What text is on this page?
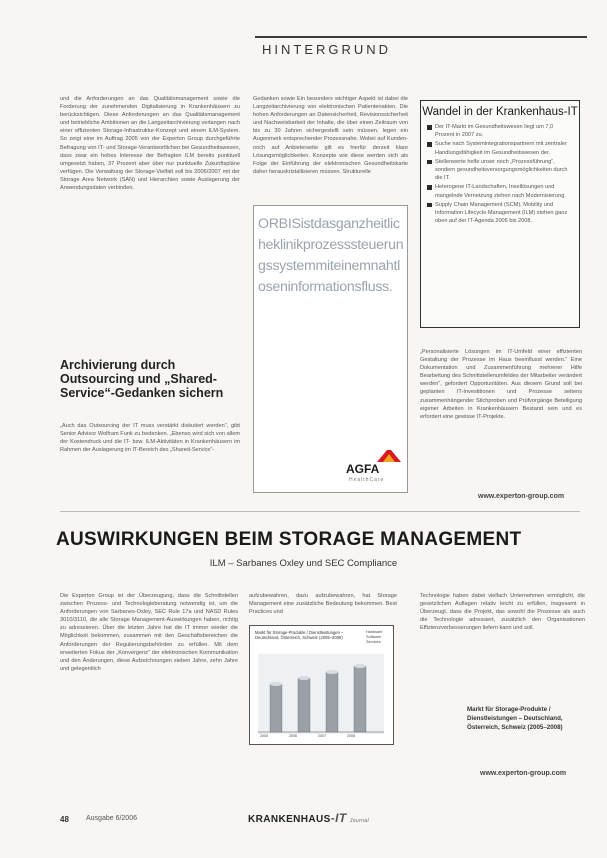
HINTERGRUND

und die Anforderungen an das Qualitätsmanagement sowie die Forderung der zunehmenden Digitalisierung in Krankenhäusern zu berücksichtigen. Diese Anforderungen an das Qualitätsmanagement und betriebliche Ambitionen an die Langzeitarchivierung verlangen nach einer effizienten Storage-Infrastruktur-Konzept und einem ILM-System. So zeigt eine im Auftrag 2005 von der Experton Group durchgeführte Befragung von IT- und Storage-Verantwortlichen bei Gesundheitswesen, dass zwar ein hohes Interesse der Befragten ILM bereits punktuell umgesetzt haben, 37 Prozent aber über nur punktuelle Zukunftspläne verfügen. Die Verwaltung der Storage-Vielfalt soll bis 2006/2007 mit der Storage Area Network (SAN) und Hierarchien sowie Auslagerung der Anwendungsdaten verbinden.

Archivierung durch Outsourcing und „Shared-Service“-Gedanken sichern

„Auch das Outsourcing der IT muss verstärkt diskutiert werden“, gibt Senior Advisor Wolfram Funk zu bedenken. „Ebenso wird sich von allem der Kostendruck und die IT- bzw. ILM-Aktivitäten in Krankenhäusern im Rahmen der Auslagerung im IT-Bereich des „Shared-Service“-

Gedanken sowie Ein besonders wichtiger Aspekt ist dabei die Langzeitarchivierung von elektronischen Patientenakten. Die hohen Anforderungen an Datensicherheit, Revisionssicherheit und Nachweisbarkeit der Inhalte, die über einen Zeitraum von bis zu 30 Jahren sichergestellt sein müssen, legen ein Augenmerk entsprechender Prozessnahe. Wobei auf Kunden- noch auf Anbieterseite gilt es hierfür derzeit klare Lösungsmöglichkeiten. Konzepte wie diese werden sich als Folge der Einführung der elektronischen Gesundheitskarte daher herauskristallisieren müssen. Strukturelle

ORBISistdasganzheitlicheklinikprozesssteuerungssystemmiteinemnahtloseninformationsfluss.
AGFA
HealthCare
Wandel in der Krankenhaus-IT
Der IT-Markt im Gesundheitswesen liegt um 7,0 Prozent in 2007 zu.
Suche nach Systemintegrationspartnern mit zentraler Handlungsfähigkeit im Gesundheitswesen der.
Stellenwerte helfe unser noch „Prozessführung“, sondern gesundheitsversorgungsmöglichkeiten durch die IT.
Heterogene IT-Landschaften, Insellösungen und mangelnde Vernetzung ziehen nach Modernisierung.
Supply Chain Management (SCM), Mobility und Information Lifecycle Management (ILM) stehen ganz oben auf der IT-Agenda 2006 bis 2008.

„Personalisierte Lösungen im IT-Umfeld einer effizienten Gestaltung der Prozesse im Haus beeinflusst werden.“ Eine Dokumentation und Zusammenführung mehrerer Hilfe Bearbeitung des Schnittstellenumfeldes der Mitarbeiter verändert werden“, gefordert Opportunitäten. Aus diesem Grund soll bei geplanten IT-Investitionen und Prozesse seitens zusammenhängender Stichproben und Prüfvorgänge Beteiligung eigener Arbeiten in Krankenhäusern Bestand sein und es erfordert eine gewisse IT-Projekte.

www.experton-group.com
AUSWIRKUNGEN BEIM STORAGE MANAGEMENT
ILM – Sarbanes Oxley und SEC Compliance

Die Experton Group ist der Überzeugung, dass die Schnittstellen zwischen Prozess- und Technologieberatung notwendig ist, um die Anforderungen von Sarbanes-Oxley, SEC Rule 17a und NASD Rules 3010/3110, die alle Storage Management-Auswirkungen haben, richtig zu adressieren. Über die letzten Jahre hat die IT immer wieder die Möglichkeit bekommen, zusammen mit den Geschäftsbereichen die Anforderungen der Regulierungsbehörden zu erfüllen. Mit dem erweiterten Fokus der „Konvergenz“ der elektronischen Kommunikation und den Änderungen, diese Aufzeichnungen sieben Jahre, zehn Jahre und gelegentlich

aufzubewahren, dazu aufzubewahren, hat Storage Management eine zusätzliche Bedeutung bekommen. Best Practices und

Markt für Storage-Produkte / Dienstleistungen – Deutschland, Österreich, Schweiz (2005–2008)
Hardware
Software
Services
2005	2006	2007	2008

Technologie haben dabei vielfach Unternehmen ermöglicht, die gesetzlichen Auflagen relativ leicht zu erfüllen, insgesamt in Überzeugt, dass die Projekt, das sowohl die Prozesse als auch die Technologie adressiert, zusätzlich den Organisationen Effizienzverbesserungen liefern kann und soll.

Markt für Storage-Produkte / Dienstleistungen – Deutschland, Österreich, Schweiz (2005–2008)
www.experton-group.com
48 Ausgabe 6/2006	KRANKENHAUS-IT Journal
